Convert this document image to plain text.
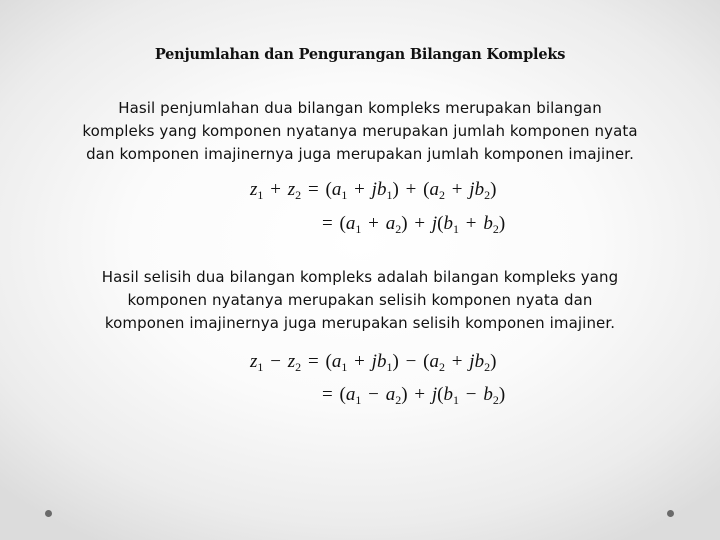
Penjumlahan dan Pengurangan Bilangan Kompleks
Hasil penjumlahan dua bilangan kompleks merupakan bilangan
kompleks yang komponen nyatanya merupakan jumlah komponen nyata
dan komponen imajinernya juga merupakan jumlah komponen imajiner.
$z_1 + z_2 = (a_1 + jb_1) + (a_2 + jb_2)$
=  $(a_1 + a_2) + j(b_1 + b_2)$
Hasil selisih dua bilangan kompleks adalah bilangan kompleks yang
komponen nyatanya merupakan selisih komponen nyata dan
komponen imajinernya juga merupakan selisih komponen imajiner.
$z_1 - z_2 = (a_1 + jb_1) - (a_2 + jb_2)$
=  $(a_1 - a_2) + j(b_1 - b_2)$
